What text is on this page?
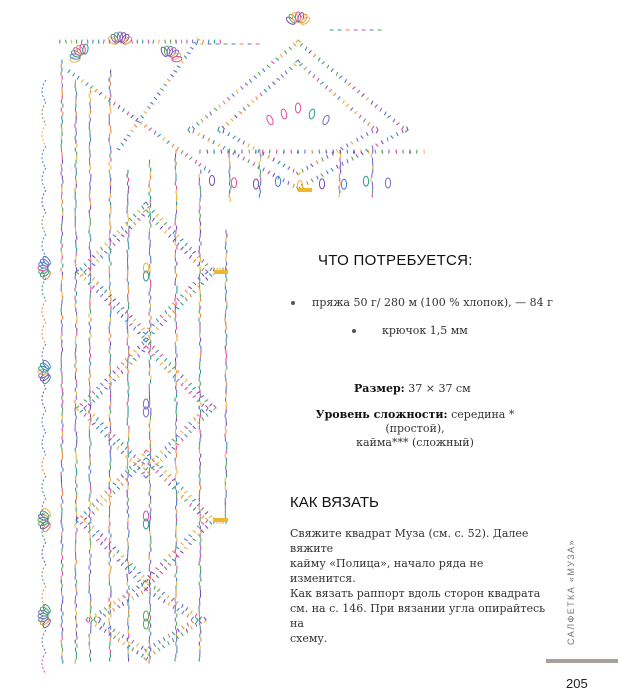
ЧТО ПОТРЕБУЕТСЯ:
пряжа 50 г/ 280 м (100 % хлопок), — 84 г
крючок 1,5 мм
Размер: 37 × 37 см
Уровень сложности: середина * (простой),
кайма*** (сложный)
КАК ВЯЗАТЬ

Свяжите квадрат Муза (см. с. 52). Далее вяжите
кайму «Полица», начало ряда не изменится.
Как вязать раппорт вдоль сторон квадрата
см. на с. 146. При вязании угла опирайтесь на
схему.	САЛФЕТКА «МУЗА»
205
